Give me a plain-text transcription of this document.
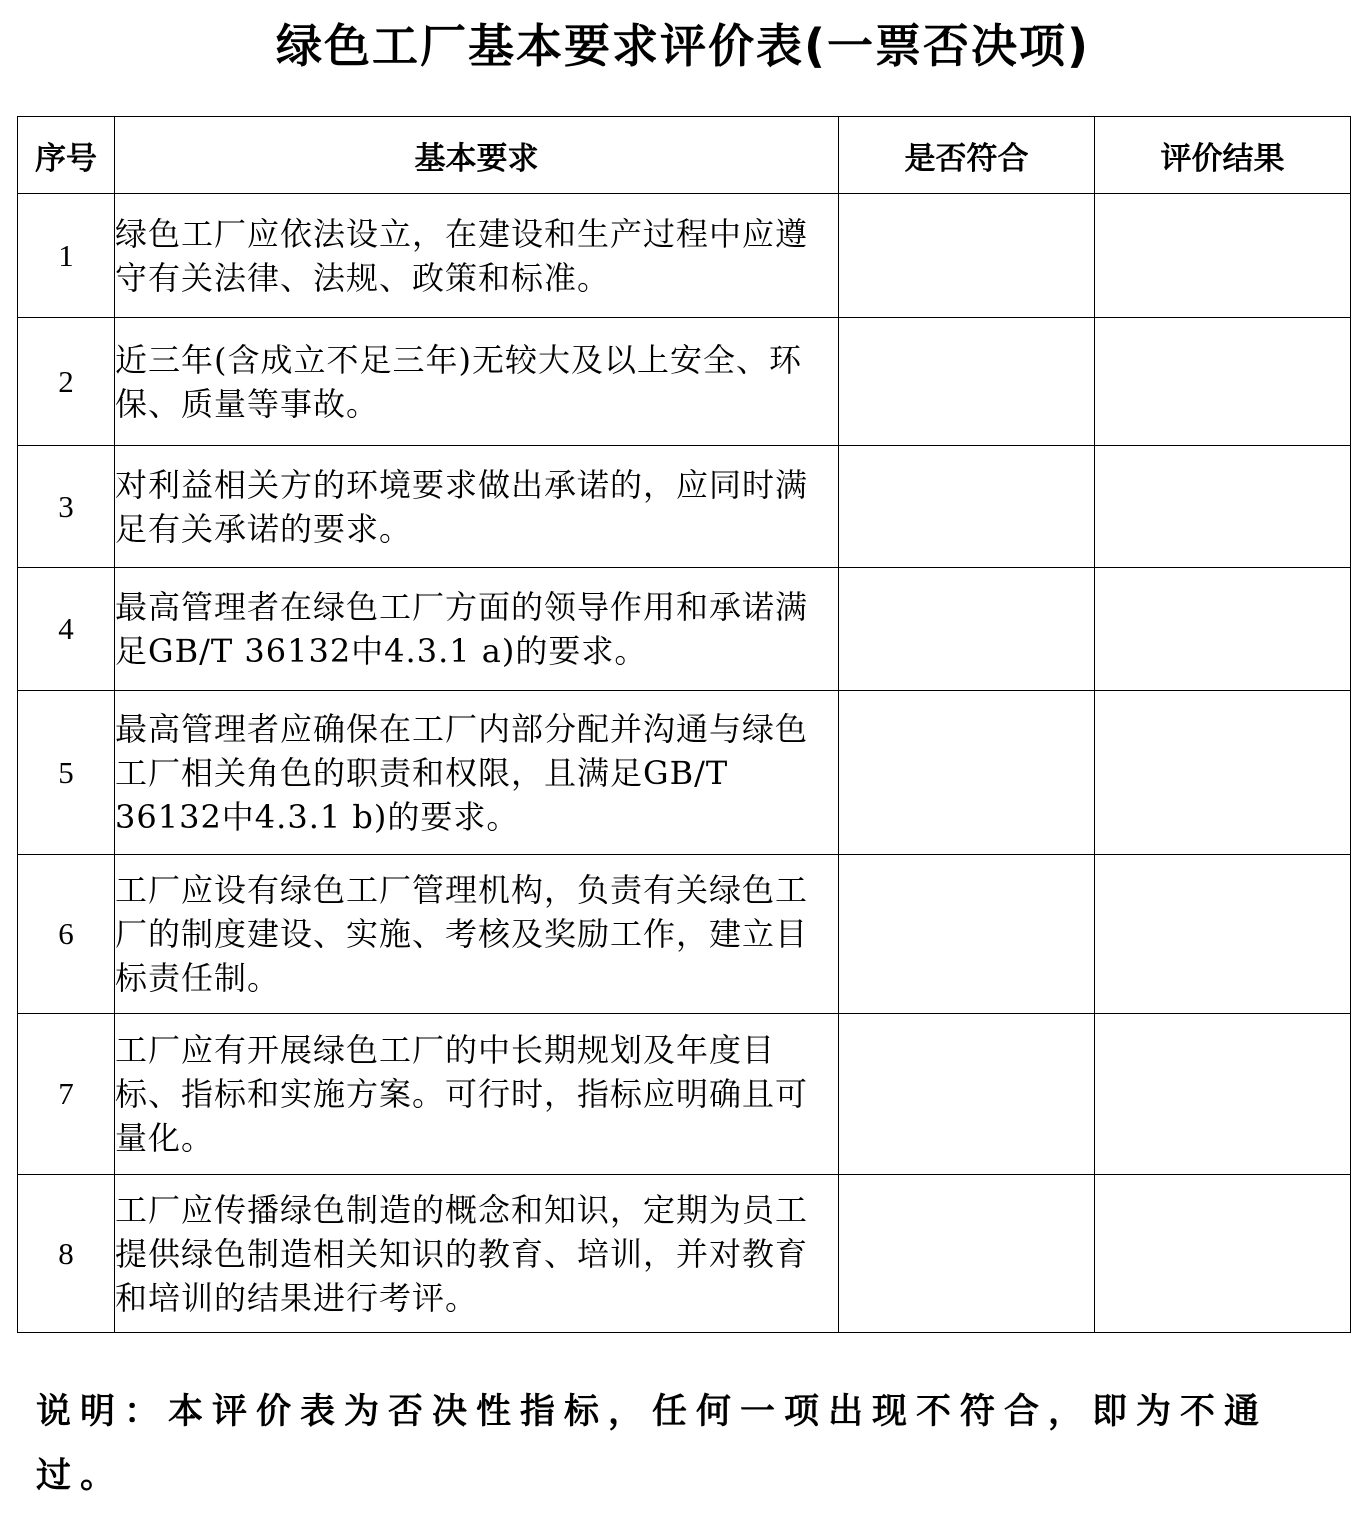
绿色工厂基本要求评价表(一票否决项)
序号	基本要求	是否符合	评价结果
1	绿色工厂应依法设立，在建设和生产过程中应遵守有关法律、法规、政策和标准。		
2	近三年(含成立不足三年)无较大及以上安全、环保、质量等事故。		
3	对利益相关方的环境要求做出承诺的，应同时满足有关承诺的要求。		
4	最高管理者在绿色工厂方面的领导作用和承诺满足GB/T 36132中4.3.1 a)的要求。		
5	最高管理者应确保在工厂内部分配并沟通与绿色工厂相关角色的职责和权限，且满足GB/T 36132中4.3.1 b)的要求。		
6	工厂应设有绿色工厂管理机构，负责有关绿色工厂的制度建设、实施、考核及奖励工作，建立目标责任制。		
7	工厂应有开展绿色工厂的中长期规划及年度目标、指标和实施方案。可行时，指标应明确且可量化。		
8	工厂应传播绿色制造的概念和知识，定期为员工提供绿色制造相关知识的教育、培训，并对教育和培训的结果进行考评。		
说明：本评价表为否决性指标，任何一项出现不符合，即为不通过。
